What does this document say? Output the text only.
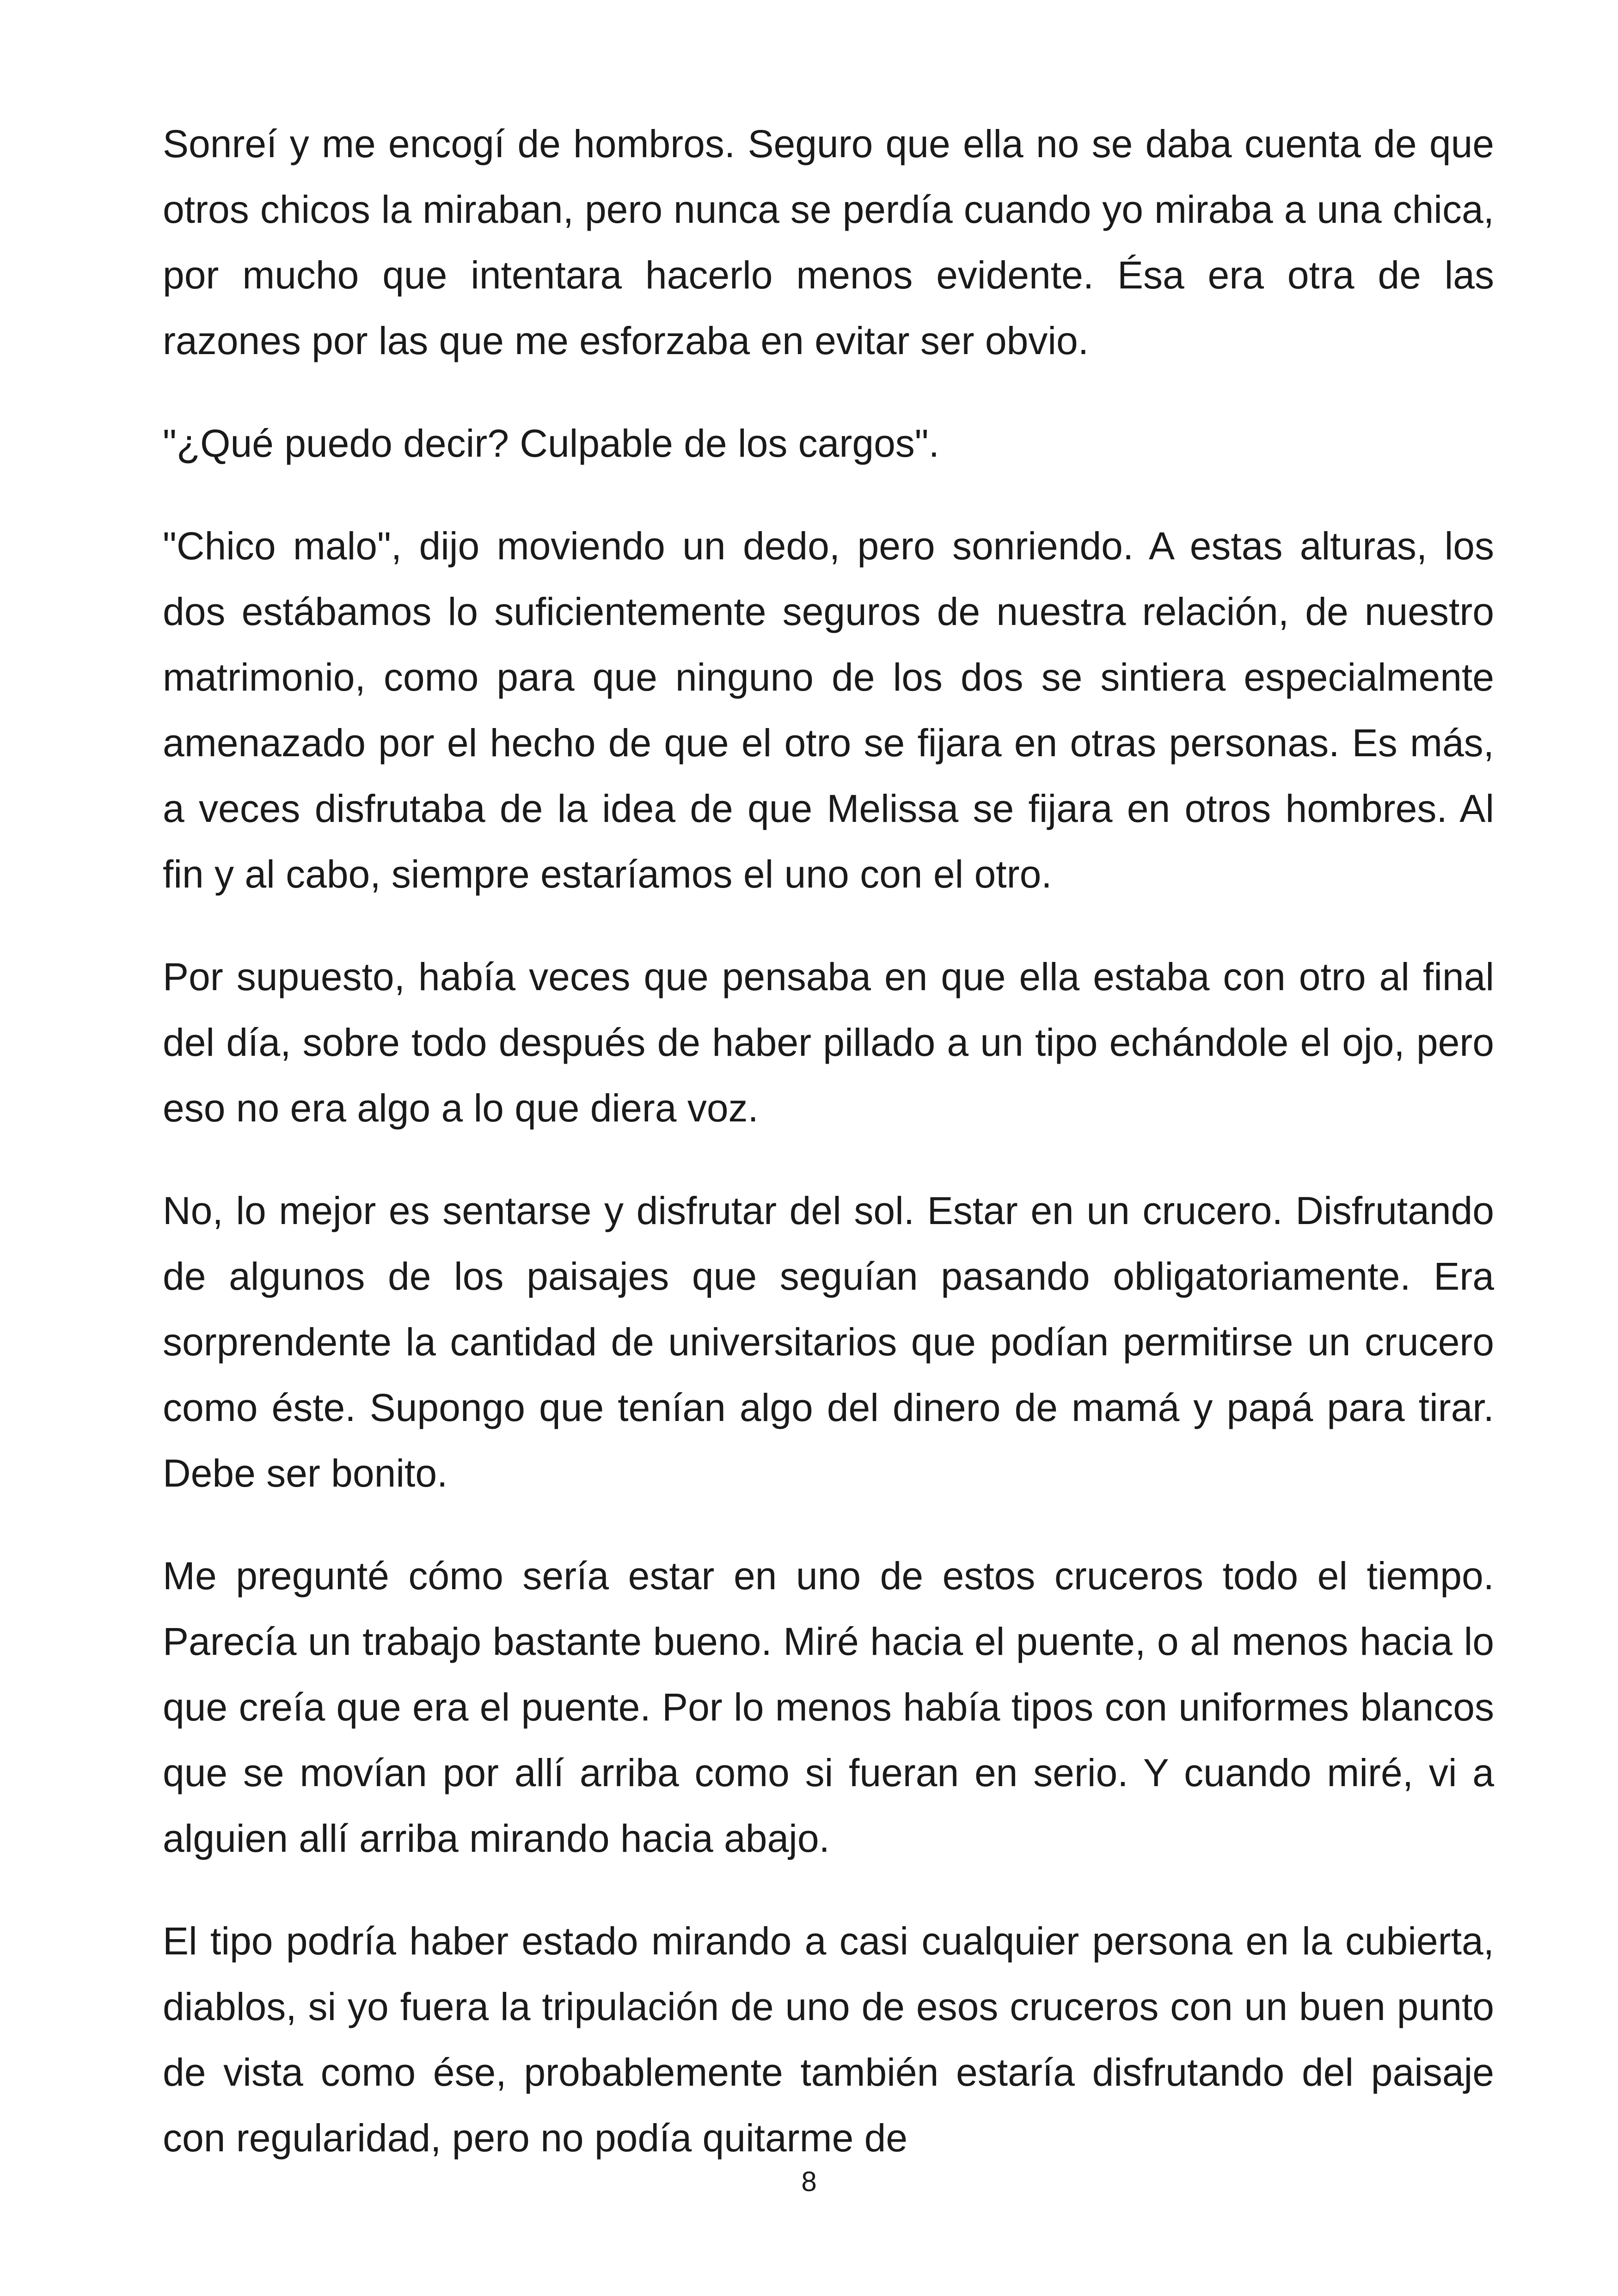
Sonreí y me encogí de hombros. Seguro que ella no se daba cuenta de que otros chicos la miraban, pero nunca se perdía cuando yo miraba a una chica, por mucho que intentara hacerlo menos evidente. Ésa era otra de las razones por las que me esforzaba en evitar ser obvio.

"¿Qué puedo decir? Culpable de los cargos".

"Chico malo", dijo moviendo un dedo, pero sonriendo. A estas alturas, los dos estábamos lo suficientemente seguros de nuestra relación, de nuestro matrimonio, como para que ninguno de los dos se sintiera especialmente amenazado por el hecho de que el otro se fijara en otras personas. Es más, a veces disfrutaba de la idea de que Melissa se fijara en otros hombres. Al fin y al cabo, siempre estaríamos el uno con el otro.

Por supuesto, había veces que pensaba en que ella estaba con otro al final del día, sobre todo después de haber pillado a un tipo echándole el ojo, pero eso no era algo a lo que diera voz.

No, lo mejor es sentarse y disfrutar del sol. Estar en un crucero. Disfrutando de algunos de los paisajes que seguían pasando obligatoriamente. Era sorprendente la cantidad de universitarios que podían permitirse un crucero como éste. Supongo que tenían algo del dinero de mamá y papá para tirar. Debe ser bonito.

Me pregunté cómo sería estar en uno de estos cruceros todo el tiempo. Parecía un trabajo bastante bueno. Miré hacia el puente, o al menos hacia lo que creía que era el puente. Por lo menos había tipos con uniformes blancos que se movían por allí arriba como si fueran en serio. Y cuando miré, vi a alguien allí arriba mirando hacia abajo.

El tipo podría haber estado mirando a casi cualquier persona en la cubierta, diablos, si yo fuera la tripulación de uno de esos cruceros con un buen punto de vista como ése, probablemente también estaría disfrutando del paisaje con regularidad, pero no podía quitarme de

8
